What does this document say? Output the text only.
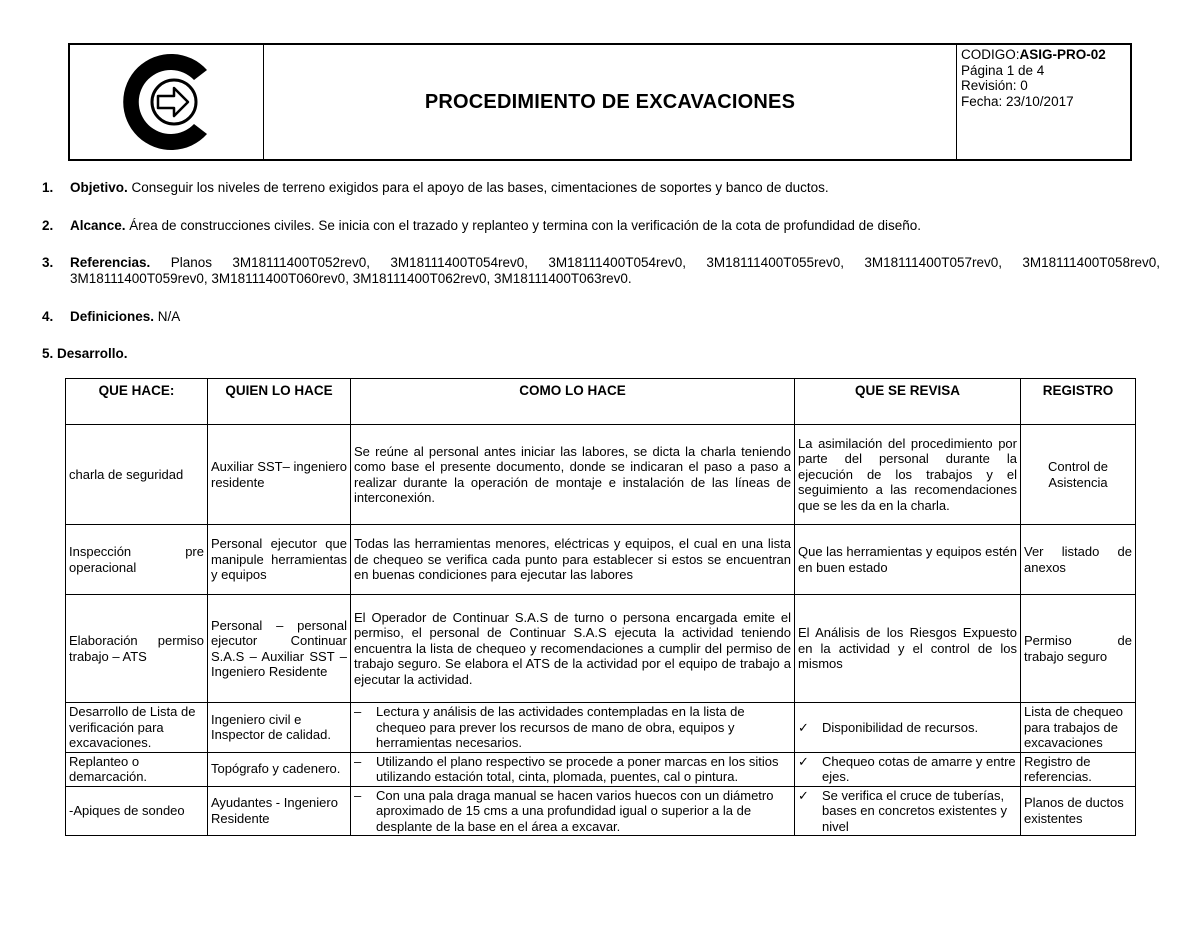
PROCEDIMIENTO DE EXCAVACIONES
CODIGO:ASIG-PRO-02
Página 1 de 4
Revisión: 0
Fecha: 23/10/2017
1. Objetivo. Conseguir los niveles de terreno exigidos para el apoyo de las bases, cimentaciones de soportes y banco de ductos.
2. Alcance. Área de construcciones civiles. Se inicia con el trazado y replanteo y termina con la verificación de la cota de profundidad de diseño.
3. Referencias. Planos 3M18111400T052rev0, 3M18111400T054rev0, 3M18111400T054rev0, 3M18111400T055rev0, 3M18111400T057rev0, 3M18111400T058rev0, 3M18111400T059rev0, 3M18111400T060rev0, 3M18111400T062rev0, 3M18111400T063rev0.
4. Definiciones. N/A
5. Desarrollo.
QUE HACE:	QUIEN LO HACE	COMO LO HACE	QUE SE REVISA	REGISTRO
charla de seguridad	Auxiliar SST– ingeniero residente	Se reúne al personal antes iniciar las labores, se dicta la charla teniendo como base el presente documento, donde se indicaran el paso a paso a realizar durante la operación de montaje e instalación de las líneas de interconexión.	La asimilación del procedimiento por parte del personal durante la ejecución de los trabajos y el seguimiento a las recomendaciones que se les da en la charla.	Control de Asistencia
Inspección pre operacional	Personal ejecutor que manipule herramientas y equipos	Todas las herramientas menores, eléctricas y equipos, el cual en una lista de chequeo se verifica cada punto para establecer si estos se encuentran en buenas condiciones para ejecutar las labores	Que las herramientas y equipos estén en buen estado	Ver listado de anexos
Elaboración permiso trabajo – ATS	Personal – personal ejecutor Continuar S.A.S – Auxiliar SST – Ingeniero Residente	El Operador de Continuar S.A.S de turno o persona encargada emite el permiso, el personal de Continuar S.A.S ejecuta la actividad teniendo encuentra la lista de chequeo y recomendaciones a cumplir del permiso de trabajo seguro. Se elabora el ATS de la actividad por el equipo de trabajo a ejecutar la actividad.	El Análisis de los Riesgos Expuesto en la actividad y el control de los mismos	Permiso de trabajo seguro
Desarrollo de Lista de verificación para excavaciones.	Ingeniero civil e Inspector de calidad.	– Lectura y análisis de las actividades contempladas en la lista de chequeo para prever los recursos de mano de obra, equipos y herramientas necesarios.	✓ Disponibilidad de recursos.	Lista de chequeo para trabajos de excavaciones
Replanteo o demarcación.	Topógrafo y cadenero.	– Utilizando el plano respectivo se procede a poner marcas en los sitios utilizando estación total, cinta, plomada, puentes, cal o pintura.	✓ Chequeo cotas de amarre y entre ejes.	Registro de referencias.
-Apiques de sondeo	Ayudantes - Ingeniero Residente	– Con una pala draga manual se hacen varios huecos con un diámetro aproximado de 15 cms a una profundidad igual o superior a la de desplante de la base en el área a excavar.	✓ Se verifica el cruce de tuberías, bases en concretos existentes y nivel	Planos de ductos existentes
